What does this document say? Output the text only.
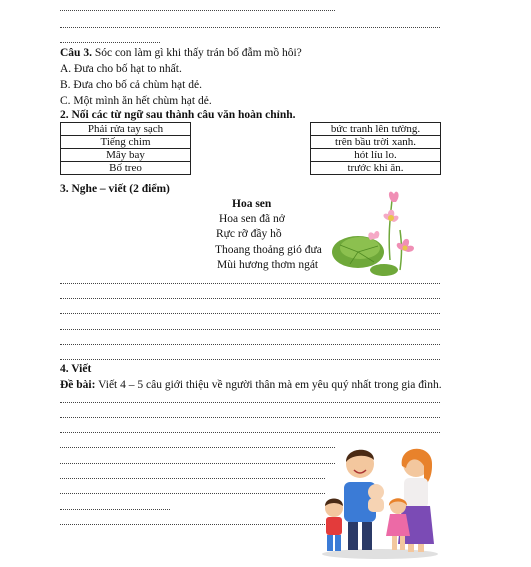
Câu 3. Sóc con làm gì khi thấy trán bố đẫm mồ hôi?
A. Đưa cho bố hạt to nhất.
B. Đưa cho bố cả chùm hạt dẻ.
C. Một mình ăn hết chùm hạt dẻ.
2. Nối các từ ngữ sau thành câu văn hoàn chỉnh.
Phải rửa tay sạch		bức tranh lên tường.
Tiếng chim		trên bầu trời xanh.
Mây bay		hót líu lo.
Bố treo		trước khi ăn.
3. Nghe – viết (2 điểm)
Hoa sen
Hoa sen đã nở
Rực rỡ đầy hồ
Thoang thoảng gió đưa
Mùi hương thơm ngát
4. Viết
Đề bài: Viết 4 – 5 câu giới thiệu về người thân mà em yêu quý nhất trong gia đình.
